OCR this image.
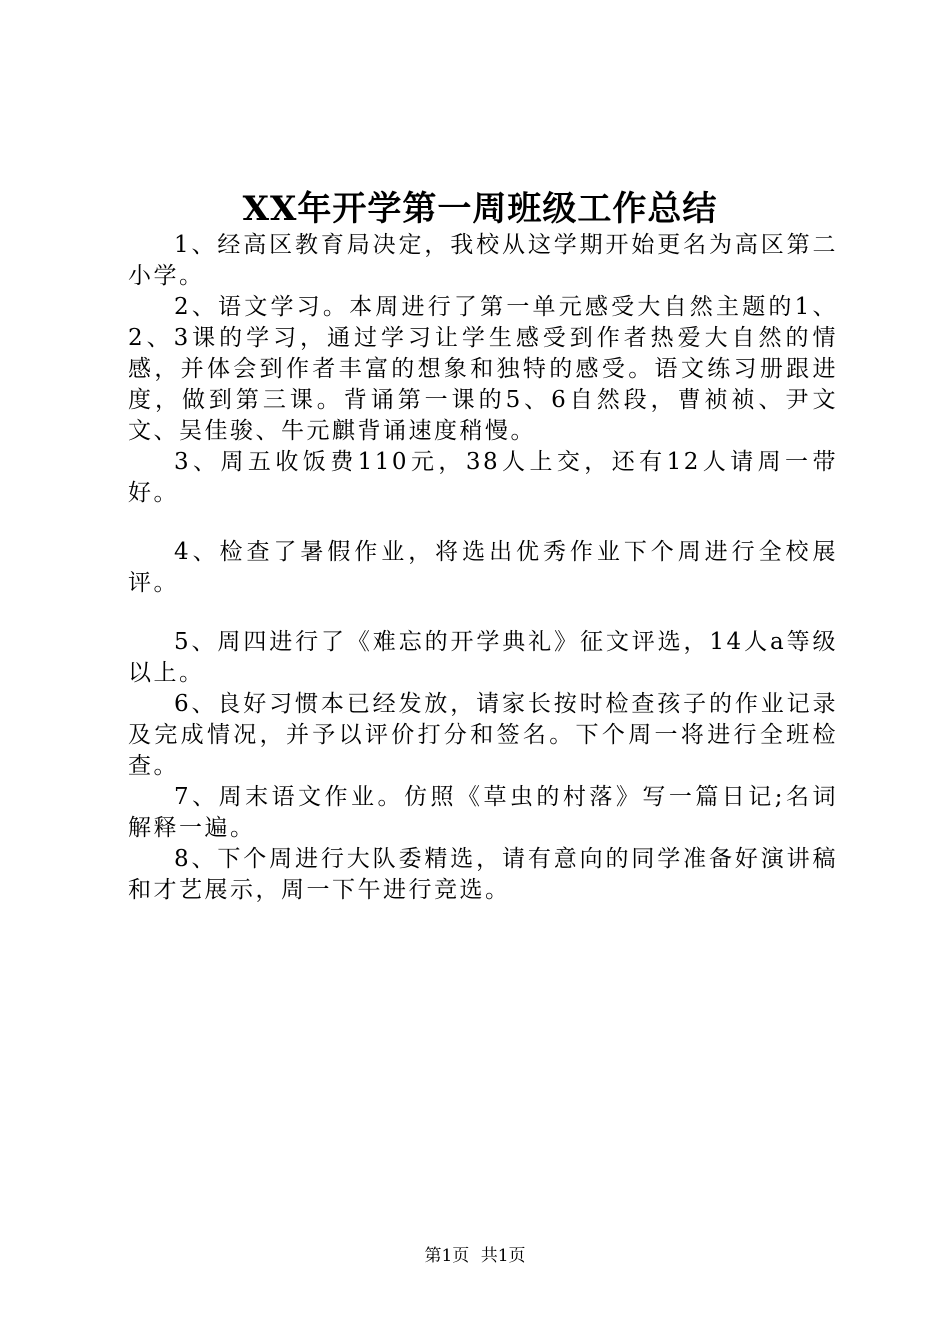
XX年开学第一周班级工作总结

1、经高区教育局决定，我校从这学期开始更名为高区第二小学。

2、语文学习。本周进行了第一单元感受大自然主题的1、2、3课的学习，通过学习让学生感受到作者热爱大自然的情感，并体会到作者丰富的想象和独特的感受。语文练习册跟进度，做到第三课。背诵第一课的5、6自然段，曹祯祯、尹文文、吴佳骏、牛元麒背诵速度稍慢。

3、周五收饭费110元，38人上交，还有12人请周一带好。

4、检查了暑假作业，将选出优秀作业下个周进行全校展评。

5、周四进行了《难忘的开学典礼》征文评选，14人a等级以上。

6、良好习惯本已经发放，请家长按时检查孩子的作业记录及完成情况，并予以评价打分和签名。下个周一将进行全班检查。

7、周末语文作业。仿照《草虫的村落》写一篇日记;名词解释一遍。

8、下个周进行大队委精选，请有意向的同学准备好演讲稿和才艺展示，周一下午进行竞选。

第1页 共1页
